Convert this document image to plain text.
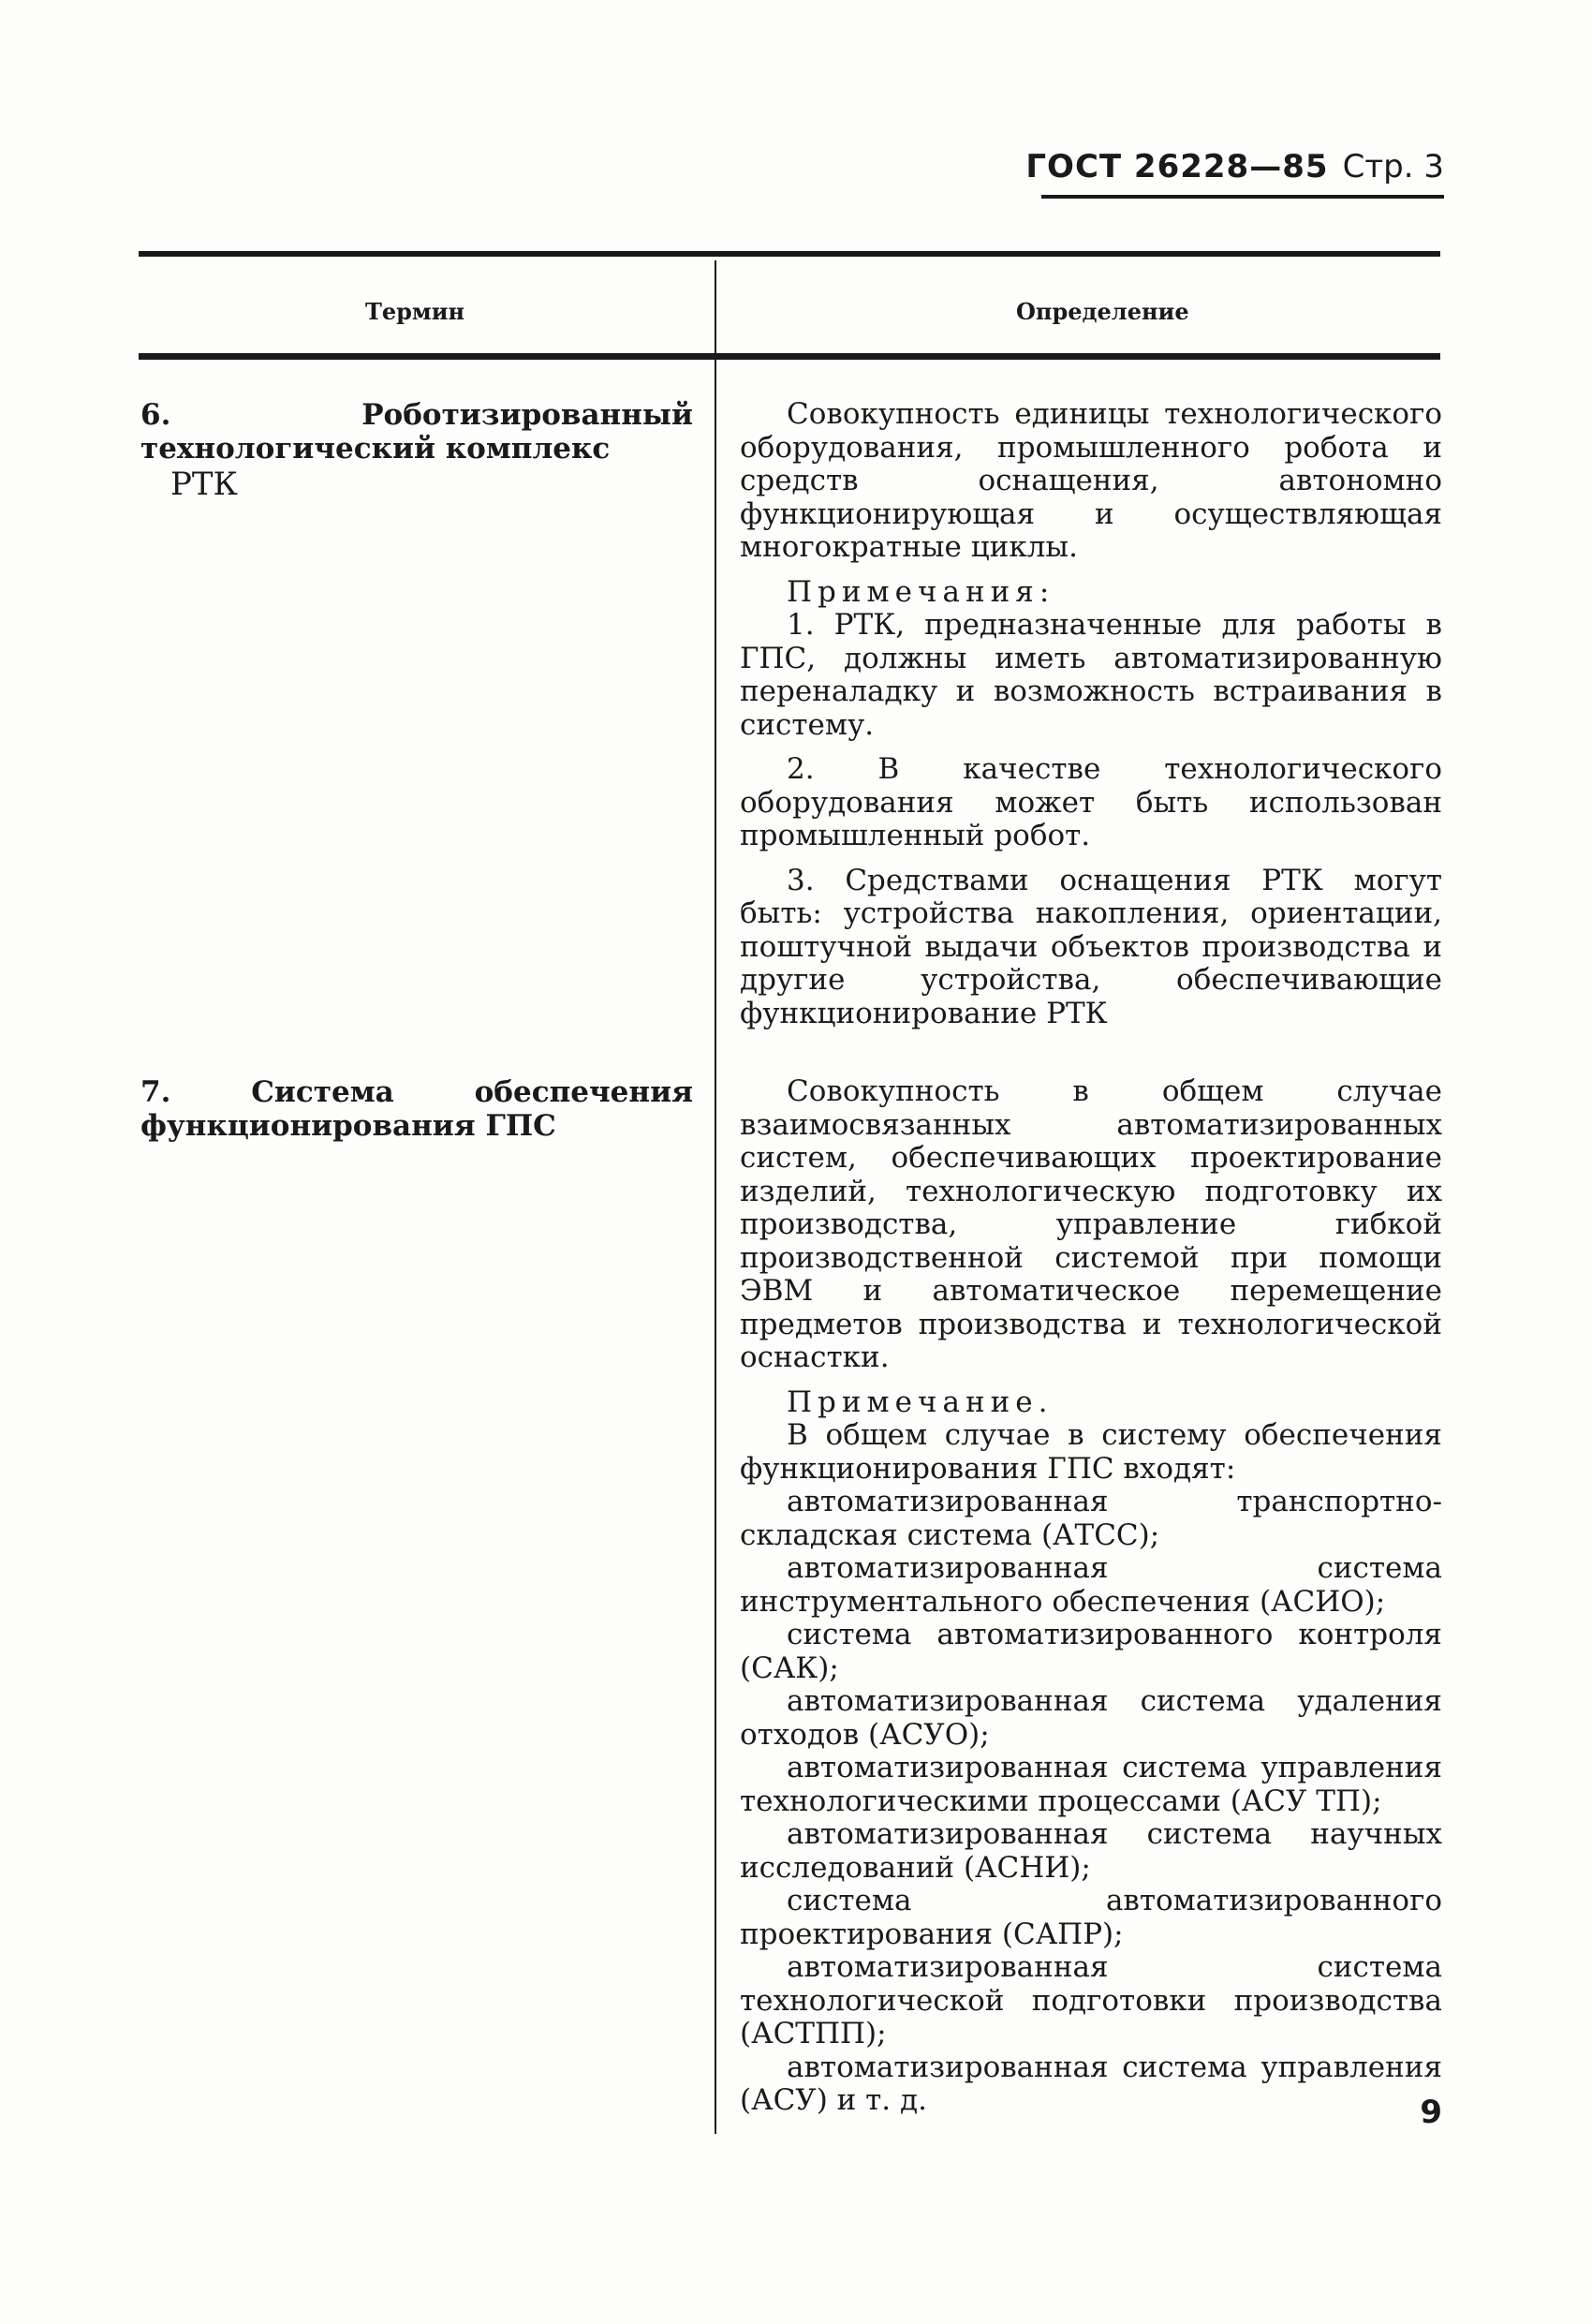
ГОСТ 26228—85 Стр. 3
Термин	Определение
6. Роботизированный технологический комплекс
РТК

Совокупность единицы технологического оборудования, промышленного робота и средств оснащения, автономно функционирующая и осуществляющая многократные циклы.

Примечания:

1. РТК, предназначенные для работы в ГПС, должны иметь автоматизированную переналадку и возможность встраивания в систему.

2. В качестве технологического оборудования может быть использован промышленный робот.

3. Средствами оснащения РТК могут быть: устройства накопления, ориентации, поштучной выдачи объектов производства и другие устройства, обеспечивающие функционирование РТК

7. Система обеспечения функционирования ГПС

Совокупность в общем случае взаимосвязанных автоматизированных систем, обеспечивающих проектирование изделий, технологическую подготовку их производства, управление гибкой производственной системой при помощи ЭВМ и автоматическое перемещение предметов производства и технологической оснастки.

Примечание.

В общем случае в систему обеспечения функционирования ГПС входят:

автоматизированная транспортно-складская система (АТСС);

автоматизированная система инструментального обеспечения (АСИО);

система автоматизированного контроля (САК);

автоматизированная система удаления отходов (АСУО);

автоматизированная система управления технологическими процессами (АСУ ТП);

автоматизированная система научных исследований (АСНИ);

система автоматизированного проектирования (САПР);

автоматизированная система технологической подготовки производства (АСТПП);

автоматизированная система управления (АСУ) и т. д.	9
